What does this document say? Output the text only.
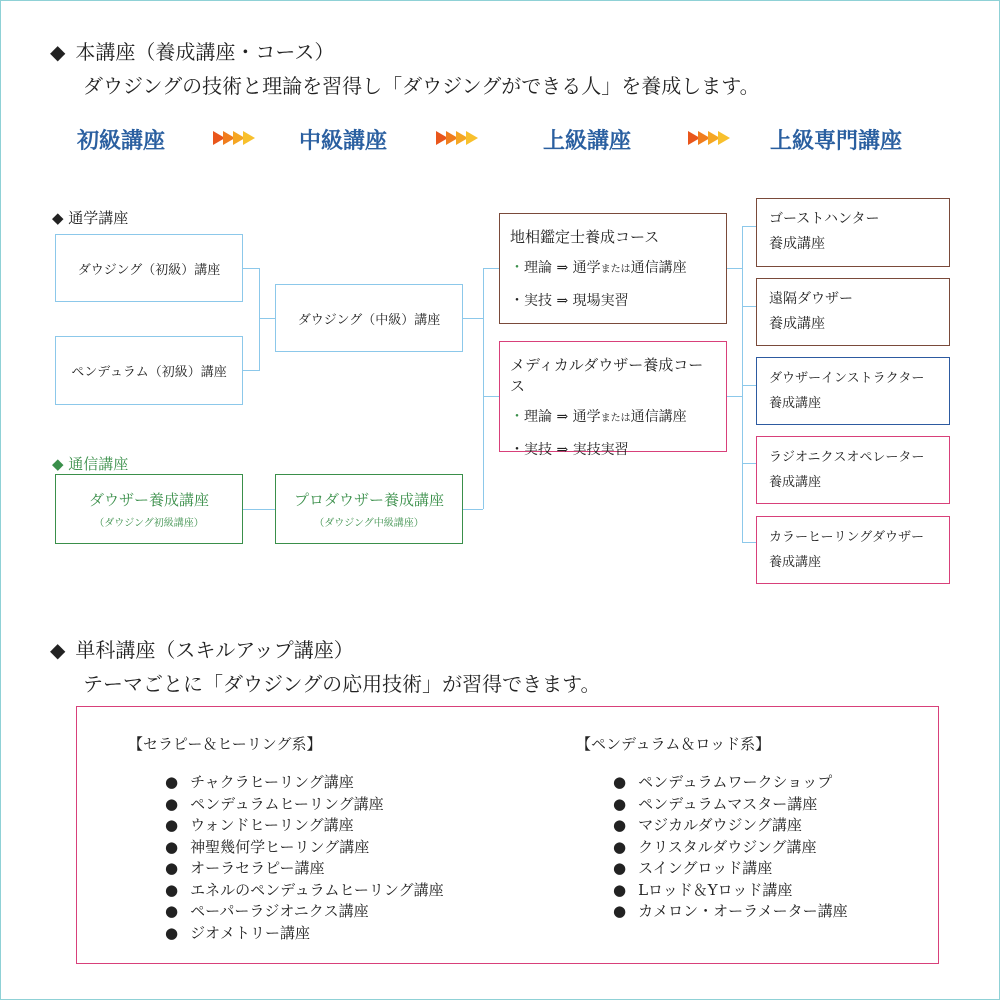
◆ 本講座（養成講座・コース）
ダウジングの技術と理論を習得し「ダウジングができる人」を養成します。
初級講座	中級講座	上級講座	上級専門講座
◆ 通学講座
ダウジング（初級）講座
ペンデュラム（初級）講座
ダウジング（中級）講座
◆ 通信講座
ダウザー養成講座
（ダウジング初級講座）
プロダウザー養成講座
（ダウジング中級講座）
地相鑑定士養成コース
・理論 ⇒ 通学または通信講座
・実技 ⇒ 現場実習
メディカルダウザー養成コース
・理論 ⇒ 通学または通信講座
・実技 ⇒ 実技実習
ゴーストハンター
養成講座
遠隔ダウザー
養成講座
ダウザーインストラクター
養成講座
ラジオニクスオペレーター
養成講座
カラーヒーリングダウザー
養成講座
◆ 単科講座（スキルアップ講座）
テーマごとに「ダウジングの応用技術」が習得できます。
【セラピー＆ヒーリング系】
● チャクラヒーリング講座
● ペンデュラムヒーリング講座
● ウォンドヒーリング講座
● 神聖幾何学ヒーリング講座
● オーラセラピー講座
● エネルのペンデュラムヒーリング講座
● ペーパーラジオニクス講座
● ジオメトリー講座
【ペンデュラム＆ロッド系】
● ペンデュラムワークショップ
● ペンデュラムマスター講座
● マジカルダウジング講座
● クリスタルダウジング講座
● スイングロッド講座
● Lロッド＆Yロッド講座
● カメロン・オーラメーター講座
